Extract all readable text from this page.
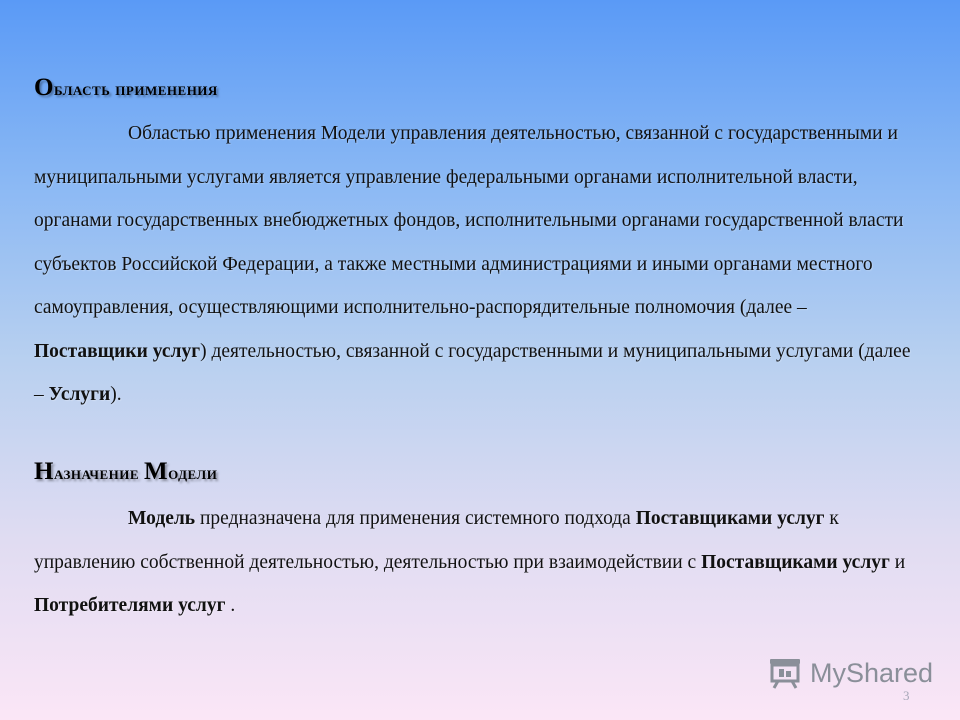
Область применения

Областью применения Модели управления деятельностью, связанной с государственными и муниципальными услугами является управление федеральными органами исполнительной власти, органами государственных внебюджетных фондов, исполнительными органами государственной власти субъектов Российской Федерации, а также местными администрациями и иными органами местного самоуправления, осуществляющими исполнительно-распорядительные полномочия (далее – Поставщики услуг) деятельностью, связанной с государственными и муниципальными услугами (далее – Услуги).

Назначение Модели

Модель предназначена для применения системного подхода Поставщиками услуг к управлению собственной деятельностью, деятельностью при взаимодействии с Поставщиками услуг и Потребителями услуг .

MyShared
3
